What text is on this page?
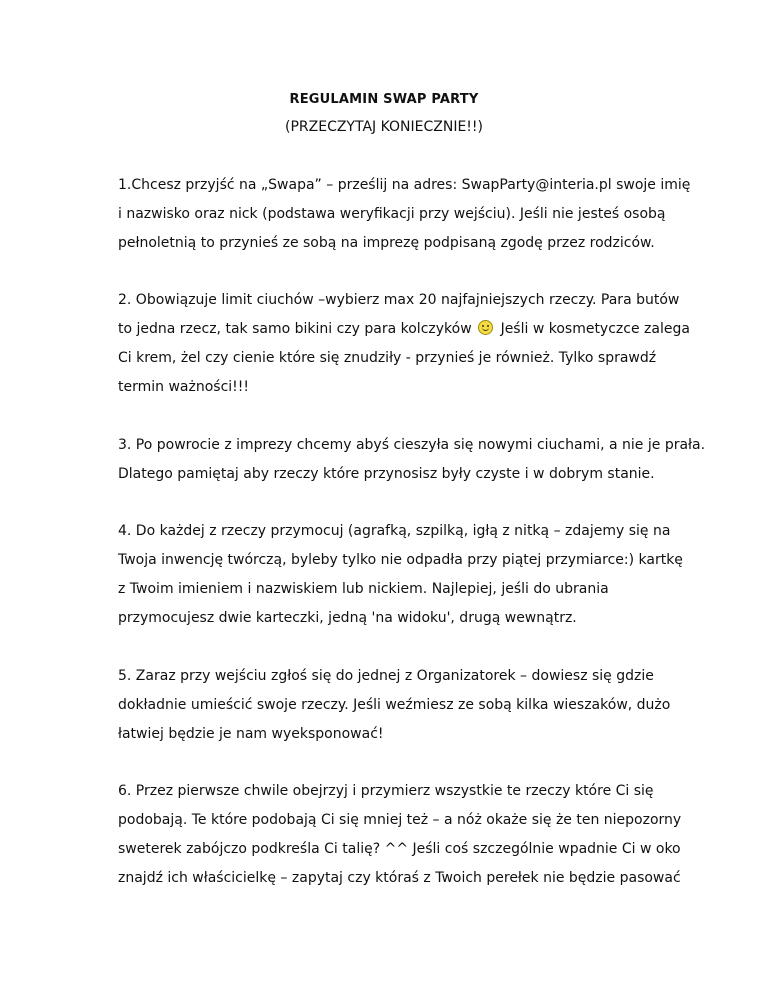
REGULAMIN SWAP PARTY
(PRZECZYTAJ KONIECZNIE!!)
1.Chcesz przyjść na „Swapa” – prześlij na adres: SwapParty@interia.pl swoje imię
i nazwisko oraz nick (podstawa weryfikacji przy wejściu). Jeśli nie jesteś osobą
pełnoletnią to przynieś ze sobą na imprezę podpisaną zgodę przez rodziców.
2. Obowiązuje limit ciuchów –wybierz max 20 najfajniejszych rzeczy. Para butów
to jedna rzecz, tak samo bikini czy para kolczyków Jeśli w kosmetyczce zalega
Ci krem, żel czy cienie które się znudziły - przynieś je również. Tylko sprawdź
termin ważności!!!
3. Po powrocie z imprezy chcemy abyś cieszyła się nowymi ciuchami, a nie je prała.
Dlatego pamiętaj aby rzeczy które przynosisz były czyste i w dobrym stanie.
4. Do każdej z rzeczy przymocuj (agrafką, szpilką, igłą z nitką – zdajemy się na
Twoja inwencję twórczą, byleby tylko nie odpadła przy piątej przymiarce:) kartkę
z Twoim imieniem i nazwiskiem lub nickiem. Najlepiej, jeśli do ubrania
przymocujesz dwie karteczki, jedną 'na widoku', drugą wewnątrz.
5. Zaraz przy wejściu zgłoś się do jednej z Organizatorek – dowiesz się gdzie
dokładnie umieścić swoje rzeczy. Jeśli weźmiesz ze sobą kilka wieszaków, dużo
łatwiej będzie je nam wyeksponować!
6. Przez pierwsze chwile obejrzyj i przymierz wszystkie te rzeczy które Ci się
podobają. Te które podobają Ci się mniej też – a nóż okaże się że ten niepozorny
sweterek zabójczo podkreśla Ci talię? ^^ Jeśli coś szczególnie wpadnie Ci w oko
znajdź ich właścicielkę – zapytaj czy któraś z Twoich perełek nie będzie pasować
